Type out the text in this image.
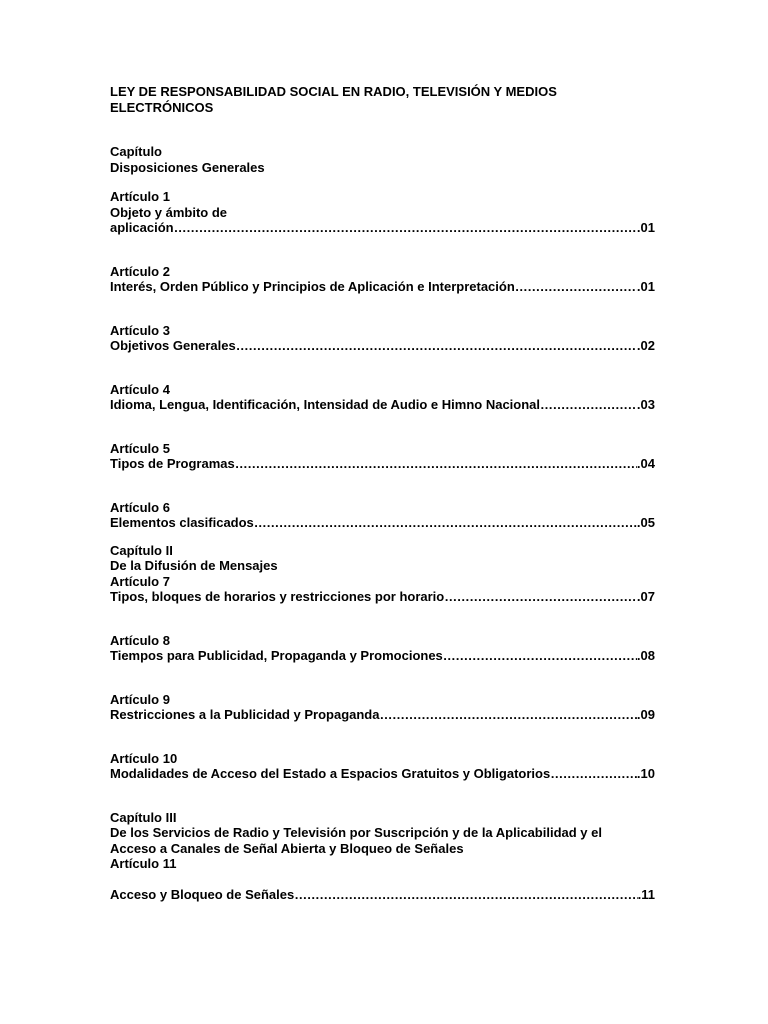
LEY DE RESPONSABILIDAD SOCIAL EN RADIO, TELEVISIÓN Y MEDIOS
ELECTRÓNICOS
Capítulo
Disposiciones Generales
Artículo 1
Objeto y ámbito de
aplicación …………………………………………………………………………………………………………………………………………………………………………	.01
Artículo 2
Interés, Orden Público y Principios de Aplicación e Interpretación …………………………………………………………………………………………………………………………………………………………………………	.01
Artículo 3
Objetivos Generales …………………………………………………………………………………………………………………………………………………………………………	.02
Artículo 4
Idioma, Lengua, Identificación, Intensidad de Audio e Himno Nacional …………………………………………………………………………………………………………………………………………………………………………	.03
Artículo 5
Tipos de Programas …………………………………………………………………………………………………………………………………………………………………………	.04
Artículo 6
Elementos clasificados …………………………………………………………………………………………………………………………………………………………………………	.05
Capítulo II
De la Difusión de Mensajes
Artículo 7
Tipos, bloques de horarios y restricciones por horario …………………………………………………………………………………………………………………………………………………………………………	.07
Artículo 8
Tiempos para Publicidad, Propaganda y Promociones …………………………………………………………………………………………………………………………………………………………………………	.08
Artículo 9
Restricciones a la Publicidad y Propaganda …………………………………………………………………………………………………………………………………………………………………………	.09
Artículo 10
Modalidades de Acceso del Estado a Espacios Gratuitos y Obligatorios …………………………………………………………………………………………………………………………………………………………………………	.10
Capítulo III
De los Servicios de Radio y Televisión por Suscripción y de la Aplicabilidad y el
Acceso a Canales de Señal Abierta y Bloqueo de Señales
Artículo 11
Acceso y Bloqueo de Señales …………………………………………………………………………………………………………………………………………………………………………	.11
